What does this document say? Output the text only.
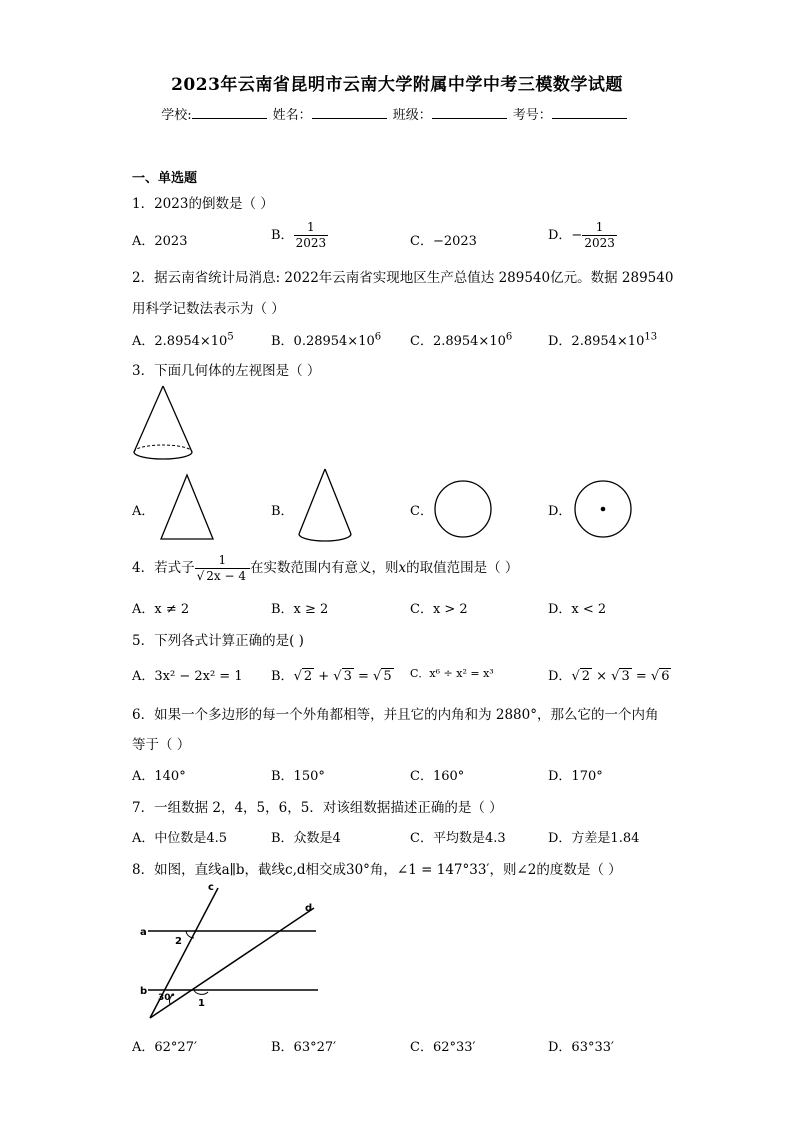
2023年云南省昆明市云南大学附属中学中考三模数学试题
学校:	姓名：	班级：	考号：
一、单选题
1．2023的倒数是（ ）
A．2023	B． $\frac{1}{2023}$	C．−2023	D．− $\frac{1}{2023}$
2．据云南省统计局消息: 2022年云南省实现地区生产总值达 289540亿元。数据 289540
用科学记数法表示为（ ）
A．$2.8954\times 10^5$	B．$0.28954\times 10^6$ C．$2.8954\times 10^6$	D．$2.8954\times 10^{13}$
3．下面几何体的左视图是（ ）
A．	B．	C．	D．
4．若式子 $\frac{1}{√ 2x - 4}$ 在实数范围内有意义，则x的取值范围是（ ）
A．x ≠ 2	B．x ≥ 2	C．x > 2	D．x < 2
5．下列各式计算正确的是( )
A．3x² − 2x² = 1 B．√ 2 + √ 3 = √ 5 C．x⁶ ÷ x² = x³	D．√ 2 × √ 3 = √ 6
6．如果一个多边形的每一个外角都相等，并且它的内角和为 2880°，那么它的一个内角
等于（ ）
A．140°	B．150°	C．160°	D．170°
7．一组数据 2，4，5，6，5．对该组数据描述正确的是（ ）
A．中位数是4.5	B．众数是4	C．平均数是4.3	D．方差是1.84
8．如图，直线a∥b，截线c,d相交成30°角，∠1 = 147°33′，则∠2的度数是（ ）
a
b
c
d
2
1
30°
A．62°27′	B．63°27′	C．62°33′	D．63°33′
